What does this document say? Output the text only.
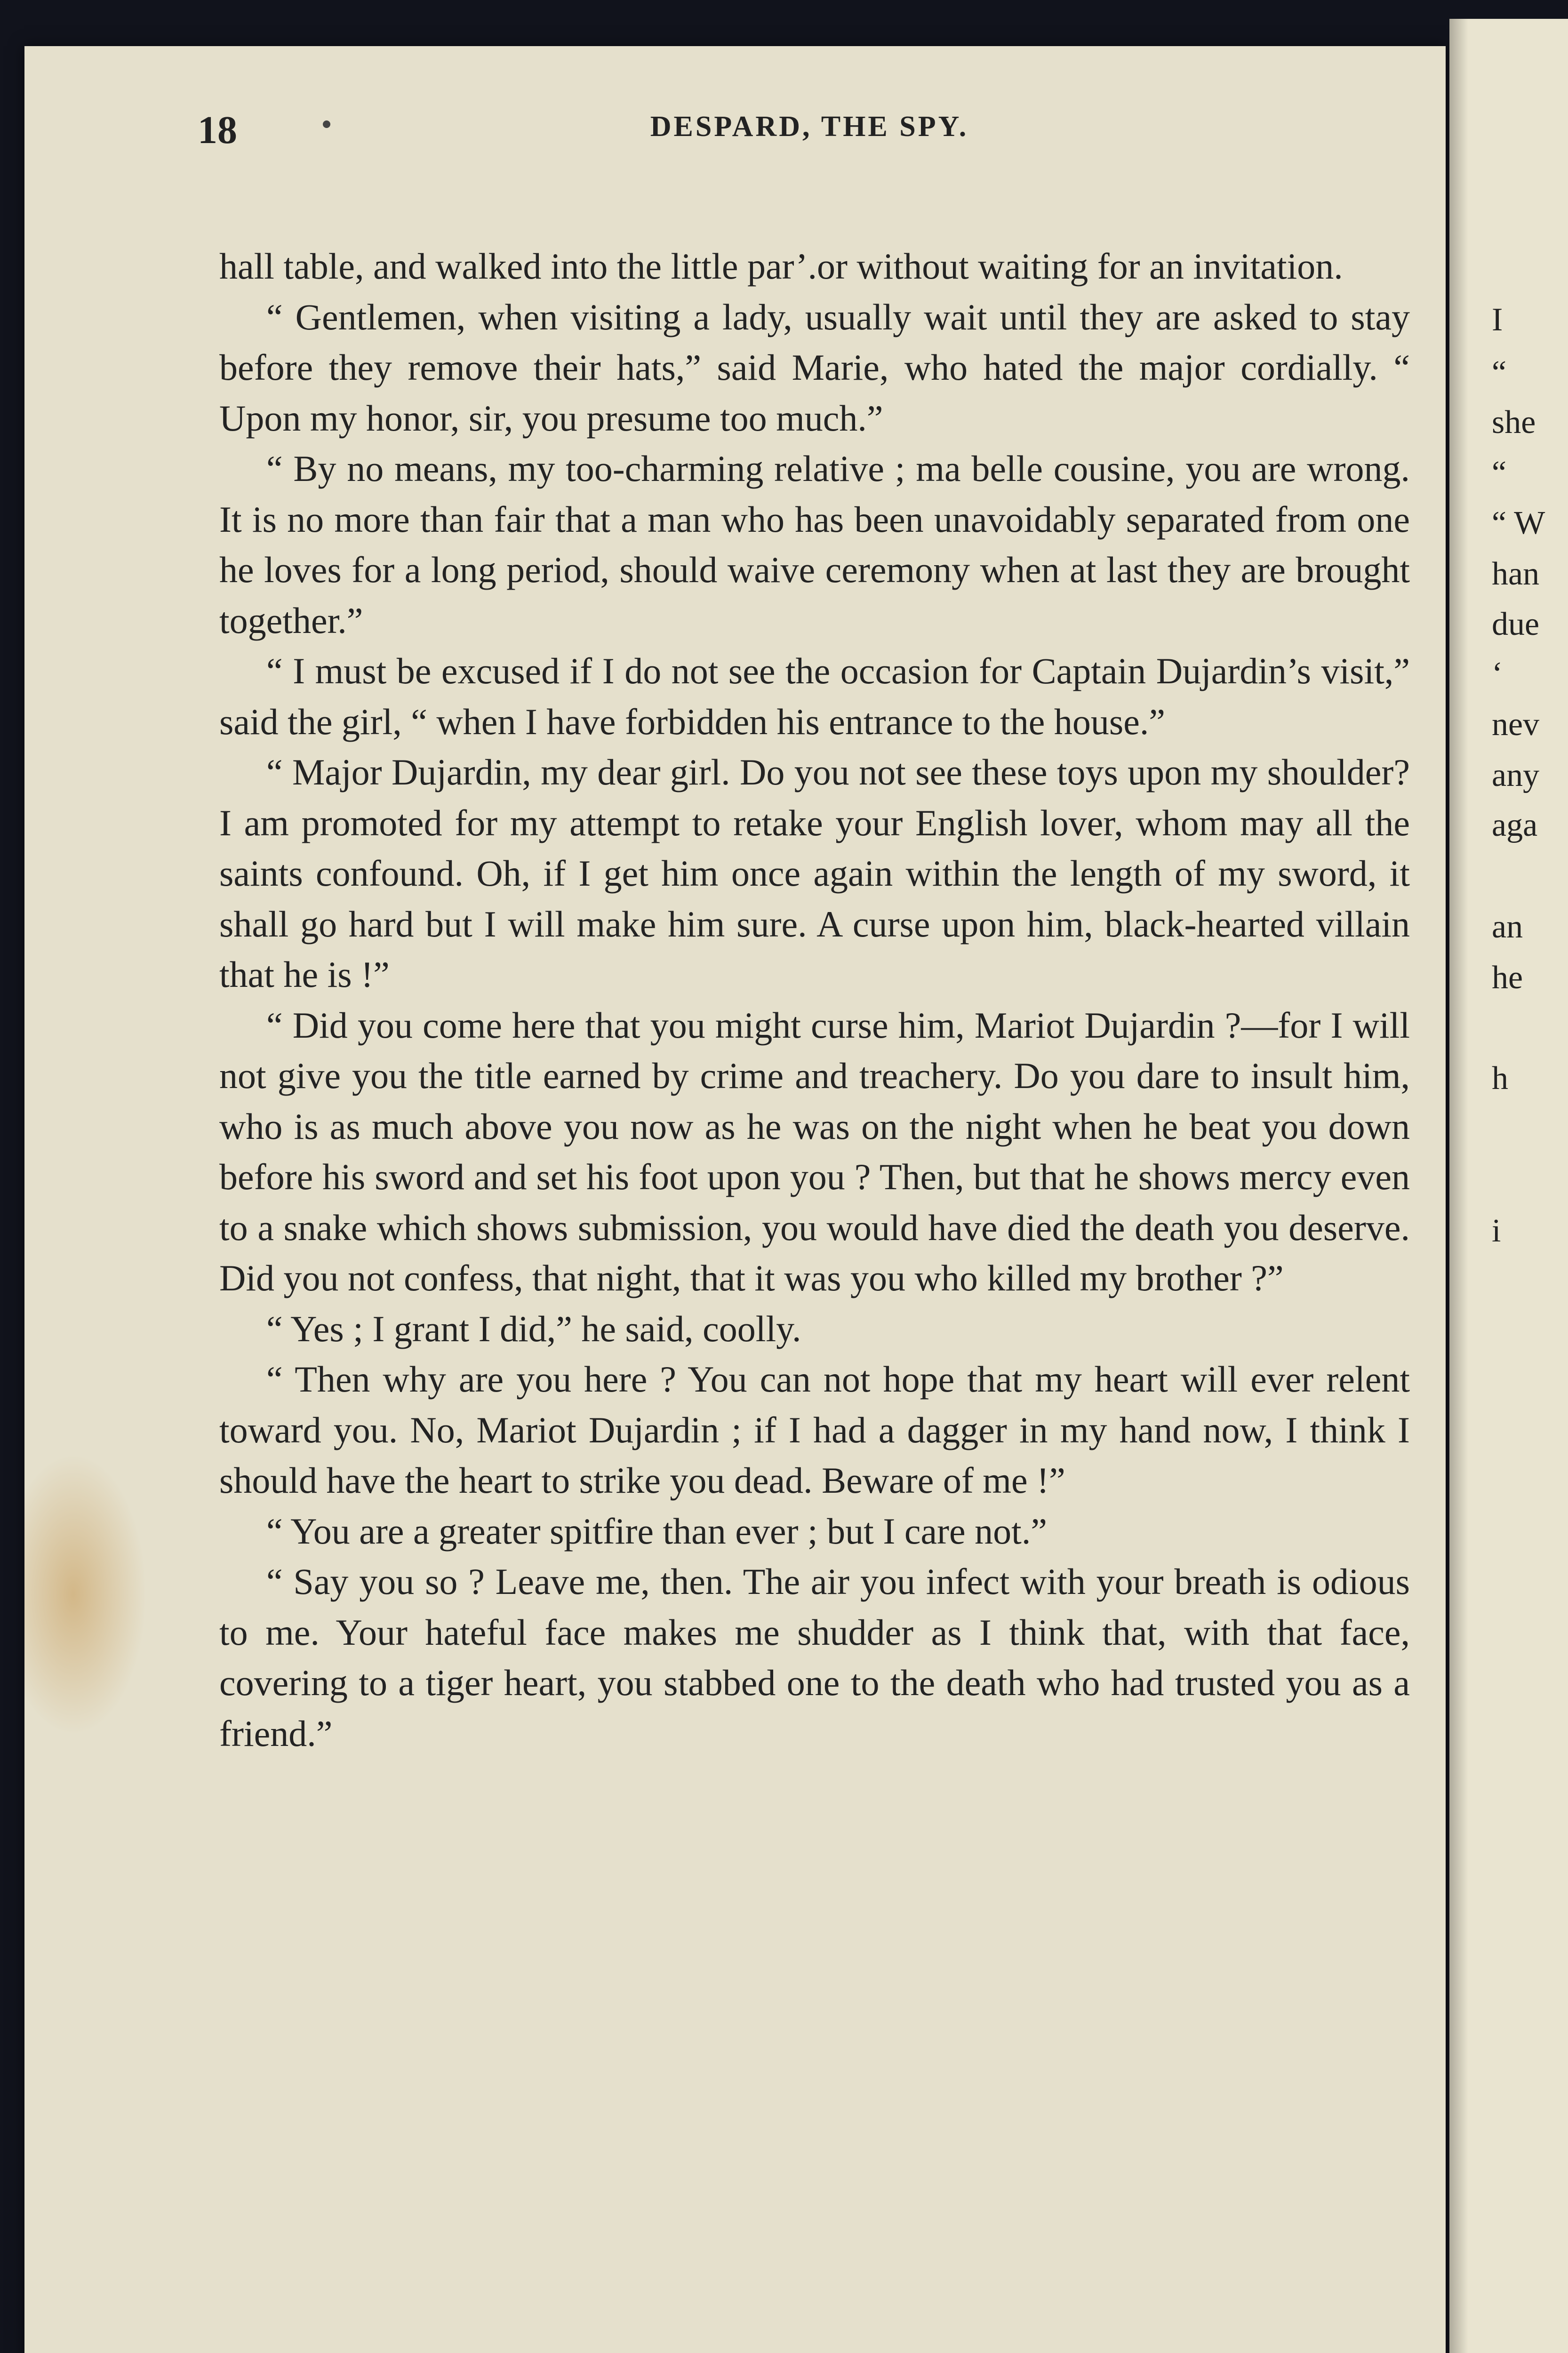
18	DESPARD, THE SPY.

hall table, and walked into the little par’.or without waiting for an invitation.

“ Gentlemen, when visiting a lady, usually wait until they are asked to stay before they remove their hats,” said Marie, who hated the major cordially. “ Upon my honor, sir, you presume too much.”

“ By no means, my too-charming relative ; ma belle cousine, you are wrong. It is no more than fair that a man who has been unavoidably separated from one he loves for a long period, should waive ceremony when at last they are brought together.”

“ I must be excused if I do not see the occasion for Captain Dujardin’s visit,” said the girl, “ when I have forbidden his entrance to the house.”

“ Major Dujardin, my dear girl. Do you not see these toys upon my shoulder? I am promoted for my attempt to retake your English lover, whom may all the saints confound. Oh, if I get him once again within the length of my sword, it shall go hard but I will make him sure. A curse upon him, black-hearted villain that he is !”

“ Did you come here that you might curse him, Mariot Dujardin ?—for I will not give you the title earned by crime and treachery. Do you dare to insult him, who is as much above you now as he was on the night when he beat you down before his sword and set his foot upon you ? Then, but that he shows mercy even to a snake which shows submission, you would have died the death you deserve. Did you not confess, that night, that it was you who killed my brother ?”

“ Yes ; I grant I did,” he said, coolly.

“ Then why are you here ? You can not hope that my heart will ever relent toward you. No, Mariot Dujardin ; if I had a dagger in my hand now, I think I should have the heart to strike you dead. Beware of me !”

“ You are a greater spitfire than ever ; but I care not.”

“ Say you so ? Leave me, then. The air you infect with your breath is odious to me. Your hateful face makes me shudder as I think that, with that face, covering to a tiger heart, you stabbed one to the death who had trusted you as a friend.”

I
“
she
“
“ W
han
due
‘
nev
any
aga
an
he
h
i
